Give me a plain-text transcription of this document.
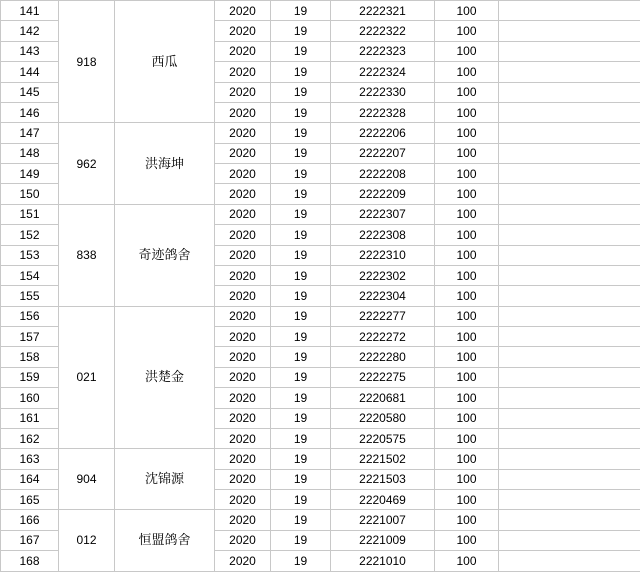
141	918	西瓜	2020	19	2222321	100	
142			2020	19	2222322	100	
143			2020	19	2222323	100	
144			2020	19	2222324	100	
145			2020	19	2222330	100	
146			2020	19	2222328	100	
147	962	洪海坤	2020	19	2222206	100	
148			2020	19	2222207	100	
149			2020	19	2222208	100	
150			2020	19	2222209	100	
151	838	奇迹鸽舍	2020	19	2222307	100	
152			2020	19	2222308	100	
153			2020	19	2222310	100	
154			2020	19	2222302	100	
155			2020	19	2222304	100	
156	021	洪楚金	2020	19	2222277	100	
157			2020	19	2222272	100	
158			2020	19	2222280	100	
159			2020	19	2222275	100	
160			2020	19	2220681	100	
161			2020	19	2220580	100	
162			2020	19	2220575	100	
163	904	沈锦源	2020	19	2221502	100	
164			2020	19	2221503	100	
165			2020	19	2220469	100	
166	012	恒盟鸽舍	2020	19	2221007	100	
167			2020	19	2221009	100	
168			2020	19	2221010	100	
